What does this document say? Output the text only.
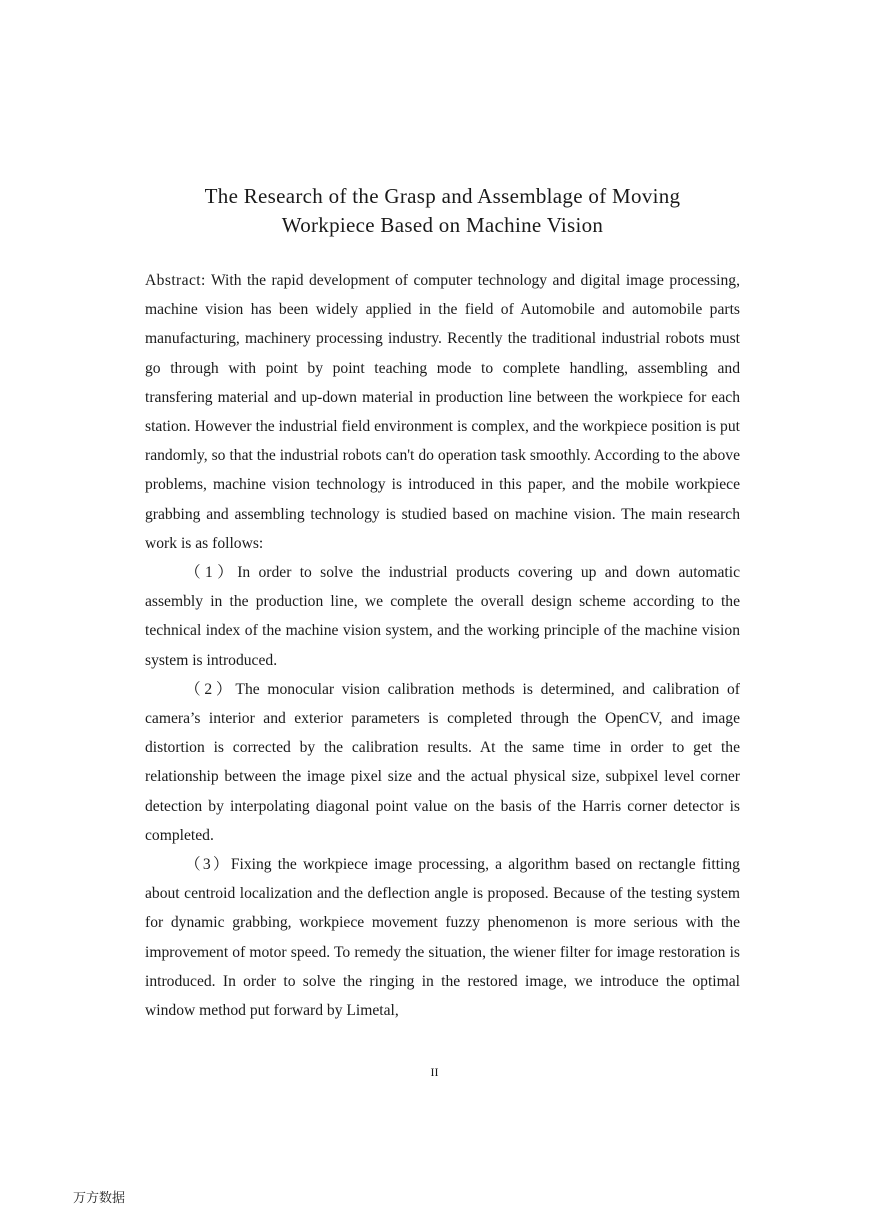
The Research of the Grasp and Assemblage of Moving
Workpiece Based on Machine Vision

Abstract: With the rapid development of computer technology and digital image processing, machine vision has been widely applied in the field of Automobile and automobile parts manufacturing, machinery processing industry. Recently the traditional industrial robots must go through with point by point teaching mode to complete handling, assembling and transfering material and up-down material in production line between the workpiece for each station. However the industrial field environment is complex, and the workpiece position is put randomly, so that the industrial robots can't do operation task smoothly. According to the above problems, machine vision technology is introduced in this paper, and the mobile workpiece grabbing and assembling technology is studied based on machine vision. The main research work is as follows:

（1）In order to solve the industrial products covering up and down automatic assembly in the production line, we complete the overall design scheme according to the technical index of the machine vision system, and the working principle of the machine vision system is introduced.

（2）The monocular vision calibration methods is determined, and calibration of camera’s interior and exterior parameters is completed through the OpenCV, and image distortion is corrected by the calibration results. At the same time in order to get the relationship between the image pixel size and the actual physical size, subpixel level corner detection by interpolating diagonal point value on the basis of the Harris corner detector is completed.

（3）Fixing the workpiece image processing, a algorithm based on rectangle fitting about centroid localization and the deflection angle is proposed. Because of the testing system for dynamic grabbing, workpiece movement fuzzy phenomenon is more serious with the improvement of motor speed. To remedy the situation, the wiener filter for image restoration is introduced. In order to solve the ringing in the restored image, we introduce the optimal window method put forward by Limetal,

II
万方数据
